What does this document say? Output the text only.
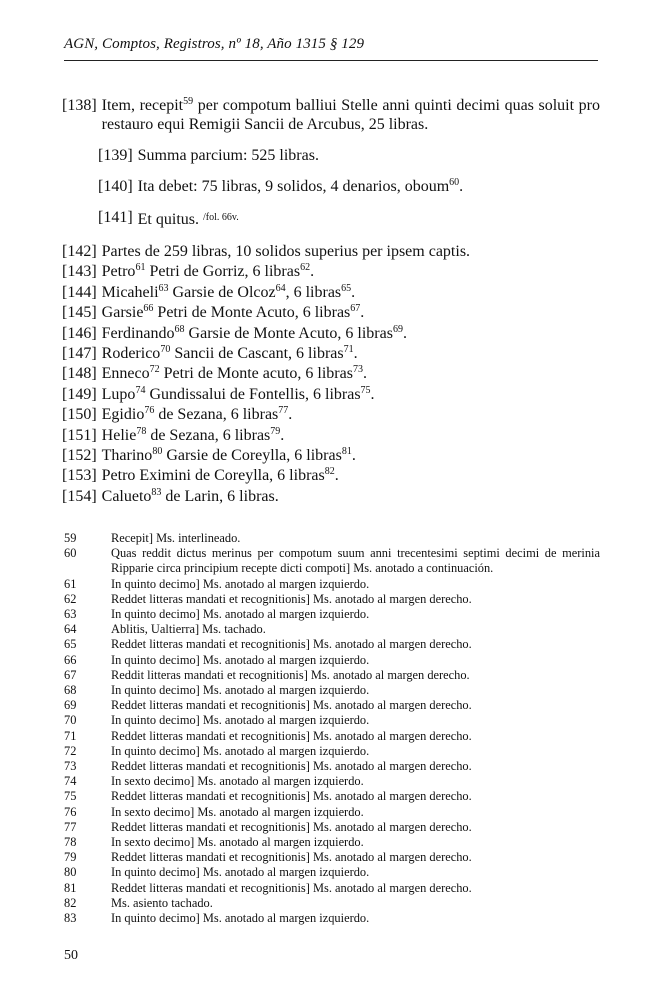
AGN, Comptos, Registros, nº 18, Año 1315 § 129
[138] Item, recepit$^{59}$ per compotum balliui Stelle anni quinti decimi quas soluit pro restauro equi Remigii Sancii de Arcubus, 25 libras.
[139] Summa parcium: 525 libras.
[140] Ita debet: 75 libras, 9 solidos, 4 denarios, oboum$^{60}$.
[141] Et quitus. $^{/fol. 66v.}$
[142] Partes de 259 libras, 10 solidos superius per ipsem captis.
[143] Petro$^{61}$ Petri de Gorriz, 6 libras$^{62}$.
[144] Micaheli$^{63}$ Garsie de Olcoz$^{64}$, 6 libras$^{65}$.
[145] Garsie$^{66}$ Petri de Monte Acuto, 6 libras$^{67}$.
[146] Ferdinando$^{68}$ Garsie de Monte Acuto, 6 libras$^{69}$.
[147] Roderico$^{70}$ Sancii de Cascant, 6 libras$^{71}$.
[148] Enneco$^{72}$ Petri de Monte acuto, 6 libras$^{73}$.
[149] Lupo$^{74}$ Gundissalui de Fontellis, 6 libras$^{75}$.
[150] Egidio$^{76}$ de Sezana, 6 libras$^{77}$.
[151] Helie$^{78}$ de Sezana, 6 libras$^{79}$.
[152] Tharino$^{80}$ Garsie de Coreylla, 6 libras$^{81}$.
[153] Petro Eximini de Coreylla, 6 libras$^{82}$.
[154] Calueto$^{83}$ de Larin, 6 libras.
59	Recepit] Ms. interlineado.
60	Quas reddit dictus merinus per compotum suum anni trecentesimi septimi decimi de merinia Ripparie circa principium recepte dicti compoti] Ms. anotado a continuación.
61	In quinto decimo] Ms. anotado al margen izquierdo.
62	Reddet litteras mandati et recognitionis] Ms. anotado al margen derecho.
63	In quinto decimo] Ms. anotado al margen izquierdo.
64	Ablitis, Ualtierra] Ms. tachado.
65	Reddet litteras mandati et recognitionis] Ms. anotado al margen derecho.
66	In quinto decimo] Ms. anotado al margen izquierdo.
67	Reddit litteras mandati et recognitionis] Ms. anotado al margen derecho.
68	In quinto decimo] Ms. anotado al margen izquierdo.
69	Reddet litteras mandati et recognitionis] Ms. anotado al margen derecho.
70	In quinto decimo] Ms. anotado al margen izquierdo.
71	Reddet litteras mandati et recognitionis] Ms. anotado al margen derecho.
72	In quinto decimo] Ms. anotado al margen izquierdo.
73	Reddet litteras mandati et recognitionis] Ms. anotado al margen derecho.
74	In sexto decimo] Ms. anotado al margen izquierdo.
75	Reddet litteras mandati et recognitionis] Ms. anotado al margen derecho.
76	In sexto decimo] Ms. anotado al margen izquierdo.
77	Reddet litteras mandati et recognitionis] Ms. anotado al margen derecho.
78	In sexto decimo] Ms. anotado al margen izquierdo.
79	Reddet litteras mandati et recognitionis] Ms. anotado al margen derecho.
80	In quinto decimo] Ms. anotado al margen izquierdo.
81	Reddet litteras mandati et recognitionis] Ms. anotado al margen derecho.
82	Ms. asiento tachado.
83	In quinto decimo] Ms. anotado al margen izquierdo.
50
